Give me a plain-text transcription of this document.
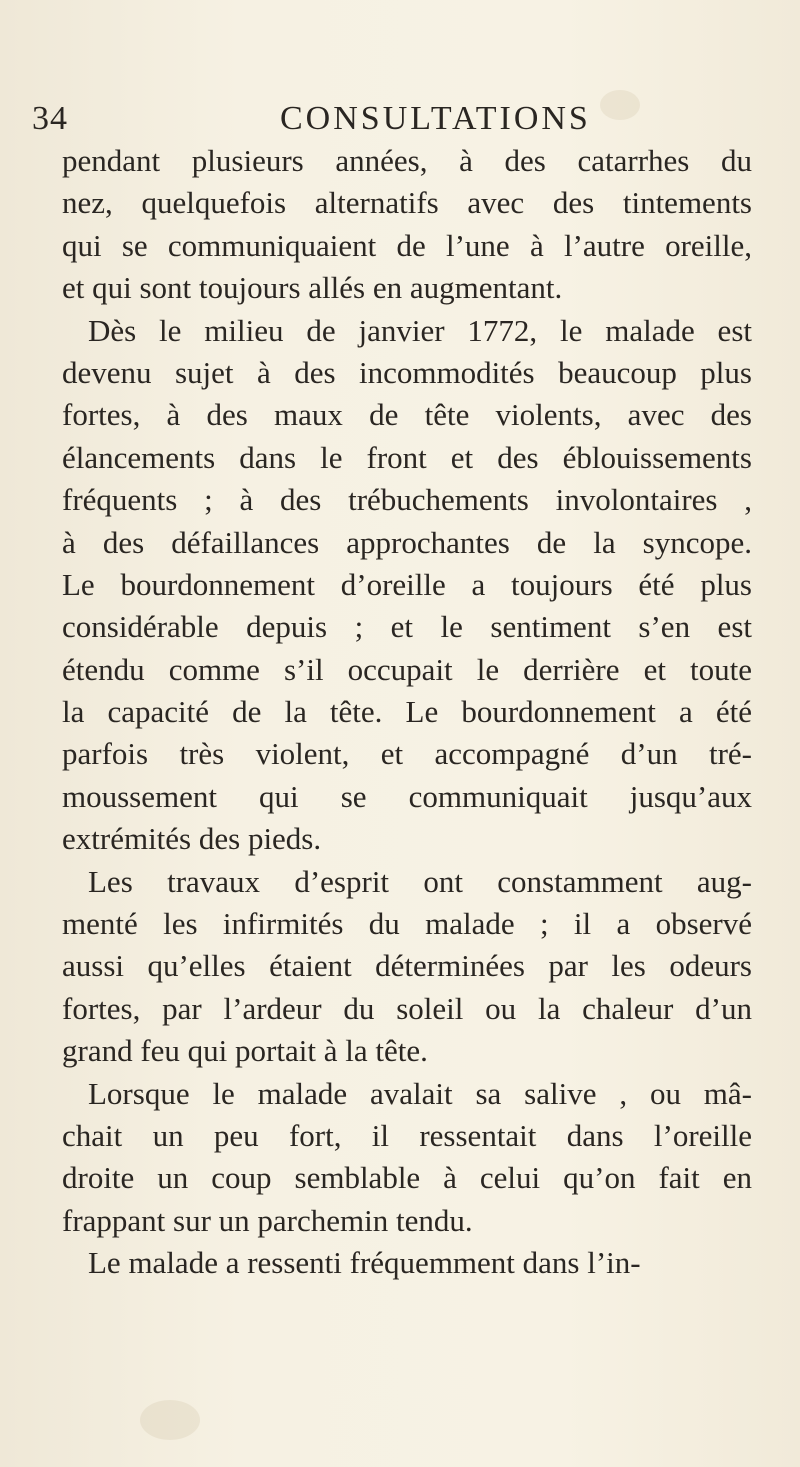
34	CONSULTATIONS
pendant plusieurs années, à des catarrhes du
nez, quelquefois alternatifs avec des tintements
qui se communiquaient de l’une à l’autre oreille,
et qui sont toujours allés en augmentant.
Dès le milieu de janvier 1772, le malade est
devenu sujet à des incommodités beaucoup plus
fortes, à des maux de tête violents, avec des
élancements dans le front et des éblouissements
fréquents ; à des trébuchements involontaires ,
à des défaillances approchantes de la syncope.
Le bourdonnement d’oreille a toujours été plus
considérable depuis ; et le sentiment s’en est
étendu comme s’il occupait le derrière et toute
la capacité de la tête. Le bourdonnement a été
parfois très violent, et accompagné d’un tré-
moussement qui se communiquait jusqu’aux
extrémités des pieds.
Les travaux d’esprit ont constamment aug-
menté les infirmités du malade ; il a observé
aussi qu’elles étaient déterminées par les odeurs
fortes, par l’ardeur du soleil ou la chaleur d’un
grand feu qui portait à la tête.
Lorsque le malade avalait sa salive , ou mâ-
chait un peu fort, il ressentait dans l’oreille
droite un coup semblable à celui qu’on fait en
frappant sur un parchemin tendu.
Le malade a ressenti fréquemment dans l’in-
